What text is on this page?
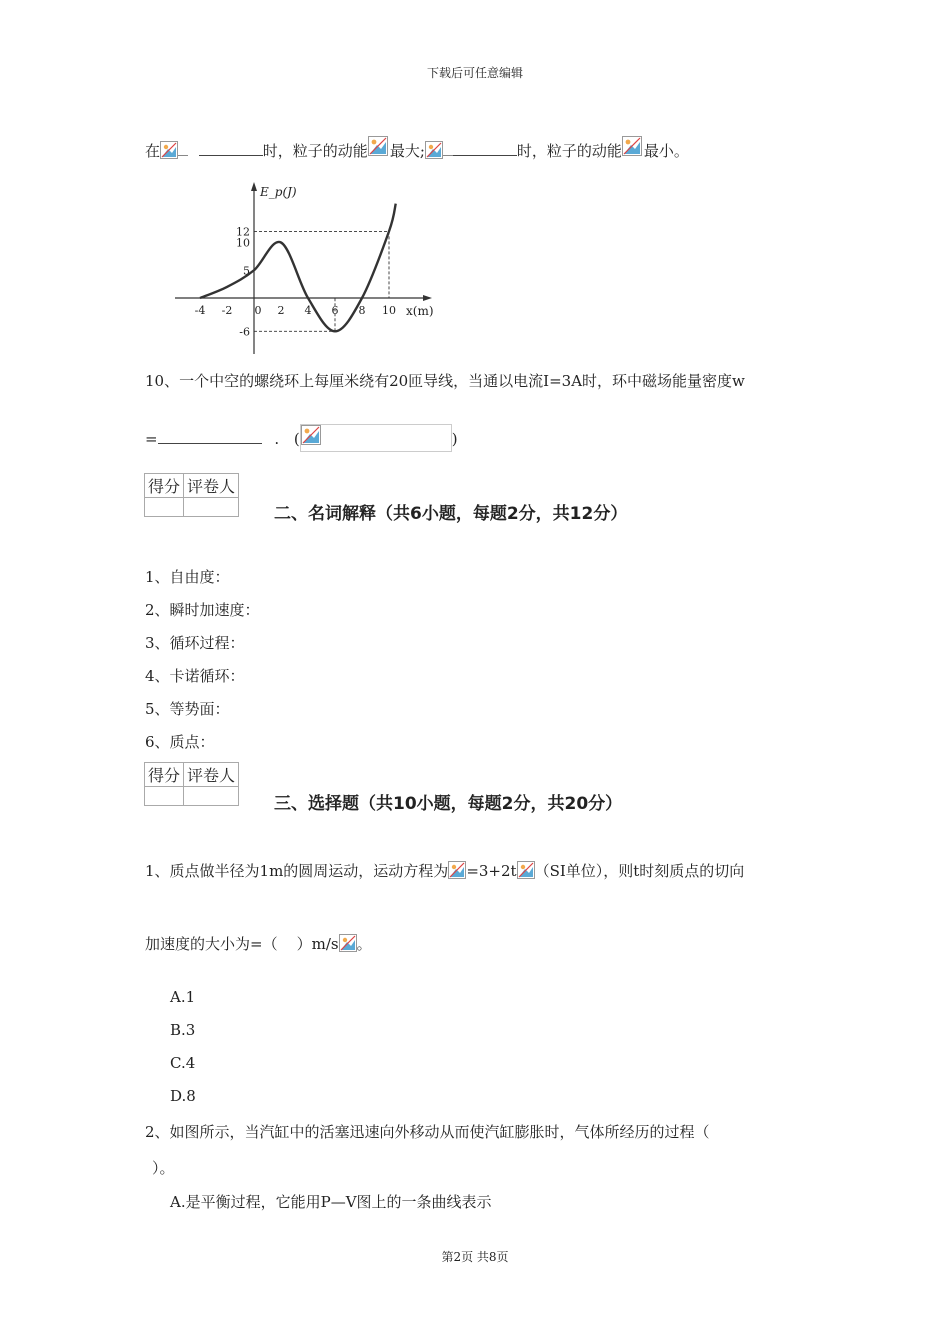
下载后可任意编辑
在	时，粒子的动能 最大;	时，粒子的动能 最小。
E_p(J)
x(m)
-4 -2 0 2 4 6 8 10
12
10
5
-6
10、一个中空的螺绕环上每厘米绕有20匝导线，当通以电流I=3A时，环中磁场能量密度w
=	. (	)
得分	评卷人

二、名词解释（共6小题，每题2分，共12分）
1、自由度：
2、瞬时加速度：
3、循环过程：
4、卡诺循环：
5、等势面：
6、质点：
得分	评卷人

三、选择题（共10小题，每题2分，共20分）
1、质点做半径为1m的圆周运动，运动方程为 =3+2t （SI单位），则t时刻质点的切向
加速度的大小为=（    ）m/s 。
A.1
B.3
C.4
D.8
2、如图所示，当汽缸中的活塞迅速向外移动从而使汽缸膨胀时，气体所经历的过程（
）。
A.是平衡过程，它能用P—V图上的一条曲线表示
第2页 共8页
